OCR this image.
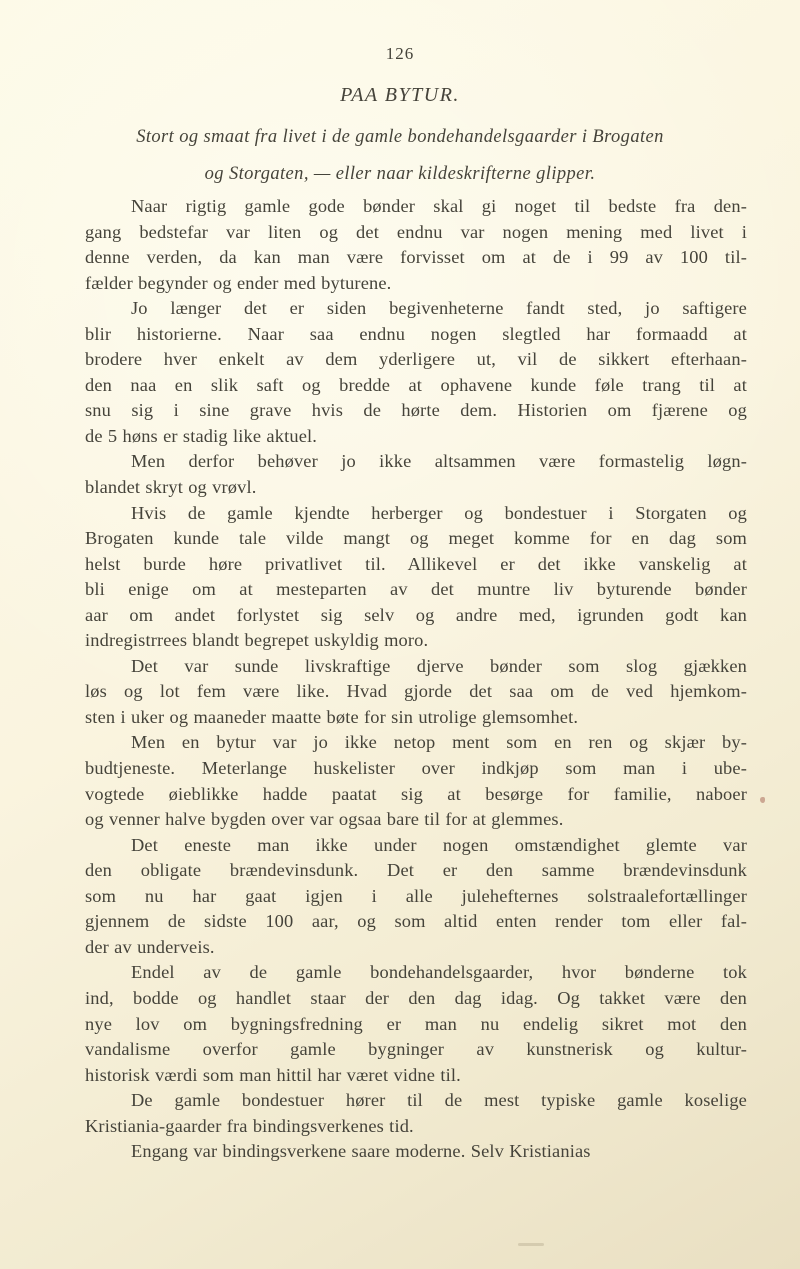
126
PAA BYTUR.
Stort og smaat fra livet i de gamle bondehandelsgaarder i Brogaten
og Storgaten, — eller naar kildeskrifterne glipper.
Naar rigtig gamle gode bønder skal gi noget til bedste fra den-
gang bedstefar var liten og det endnu var nogen mening med livet i
denne verden, da kan man være forvisset om at de i 99 av 100 til-
fælder begynder og ender med byturene.
Jo længer det er siden begivenheterne fandt sted, jo saftigere
blir historierne. Naar saa endnu nogen slegtled har formaadd at
brodere hver enkelt av dem yderligere ut, vil de sikkert efterhaan-
den naa en slik saft og bredde at ophavene kunde føle trang til at
snu sig i sine grave hvis de hørte dem. Historien om fjærene og
de 5 høns er stadig like aktuel.
Men derfor behøver jo ikke altsammen være formastelig løgn-
blandet skryt og vrøvl.
Hvis de gamle kjendte herberger og bondestuer i Storgaten og
Brogaten kunde tale vilde mangt og meget komme for en dag som
helst burde høre privatlivet til. Allikevel er det ikke vanskelig at
bli enige om at mesteparten av det muntre liv byturende bønder
aar om andet forlystet sig selv og andre med, igrunden godt kan
indregistrrees blandt begrepet uskyldig moro.
Det var sunde livskraftige djerve bønder som slog gjækken
løs og lot fem være like. Hvad gjorde det saa om de ved hjemkom-
sten i uker og maaneder maatte bøte for sin utrolige glemsomhet.
Men en bytur var jo ikke netop ment som en ren og skjær by-
budtjeneste. Meterlange huskelister over indkjøp som man i ube-
vogtede øieblikke hadde paatat sig at besørge for familie, naboer
og venner halve bygden over var ogsaa bare til for at glemmes.
Det eneste man ikke under nogen omstændighet glemte var
den obligate brændevinsdunk. Det er den samme brændevinsdunk
som nu har gaat igjen i alle julehefternes solstraalefortællinger
gjennem de sidste 100 aar, og som altid enten render tom eller fal-
der av underveis.
Endel av de gamle bondehandelsgaarder, hvor bønderne tok
ind, bodde og handlet staar der den dag idag. Og takket være den
nye lov om bygningsfredning er man nu endelig sikret mot den
vandalisme overfor gamle bygninger av kunstnerisk og kultur-
historisk værdi som man hittil har været vidne til.
De gamle bondestuer hører til de mest typiske gamle koselige
Kristiania-gaarder fra bindingsverkenes tid.
Engang var bindingsverkene saare moderne. Selv Kristianias
